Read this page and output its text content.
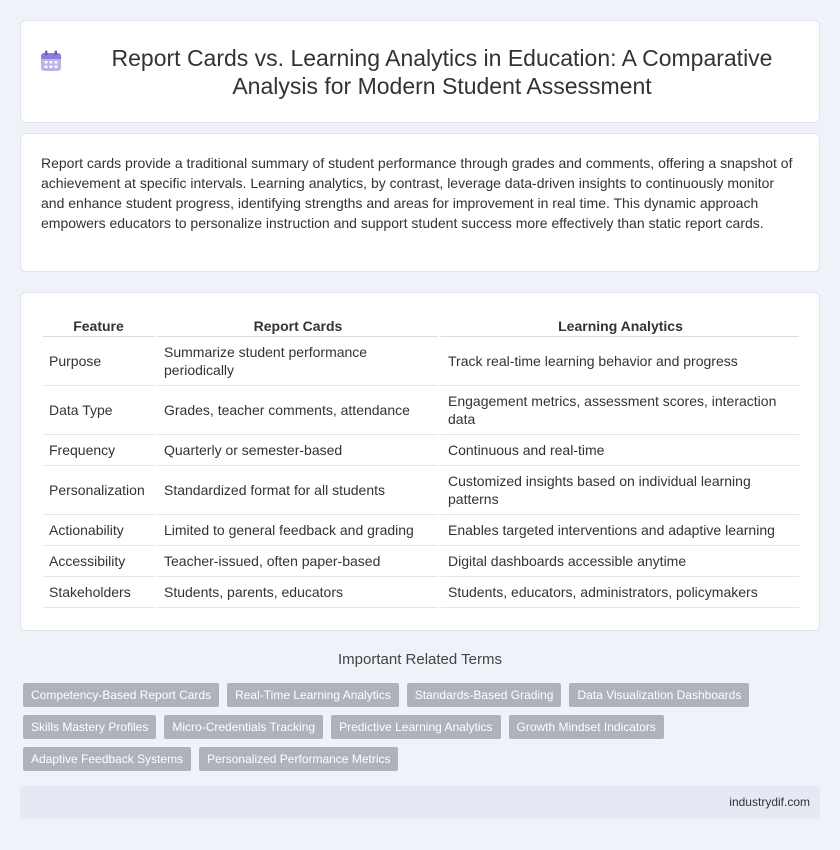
Report Cards vs. Learning Analytics in Education: A Comparative Analysis for Modern Student Assessment

Report cards provide a traditional summary of student performance through grades and comments, offering a snapshot of achievement at specific intervals. Learning analytics, by contrast, leverage data-driven insights to continuously monitor and enhance student progress, identifying strengths and areas for improvement in real time. This dynamic approach empowers educators to personalize instruction and support student success more effectively than static report cards.

Feature	Report Cards	Learning Analytics
Purpose	Summarize student performance periodically	Track real-time learning behavior and progress
Data Type	Grades, teacher comments, attendance	Engagement metrics, assessment scores, interaction data
Frequency	Quarterly or semester-based	Continuous and real-time
Personalization	Standardized format for all students	Customized insights based on individual learning patterns
Actionability	Limited to general feedback and grading	Enables targeted interventions and adaptive learning
Accessibility	Teacher-issued, often paper-based	Digital dashboards accessible anytime
Stakeholders	Students, parents, educators	Students, educators, administrators, policymakers
Important Related Terms
Competency-Based Report Cards	Real-Time Learning Analytics	Standards-Based Grading	Data Visualization Dashboards
Skills Mastery Profiles	Micro-Credentials Tracking	Predictive Learning Analytics	Growth Mindset Indicators
Adaptive Feedback Systems	Personalized Performance Metrics
industrydif.com
